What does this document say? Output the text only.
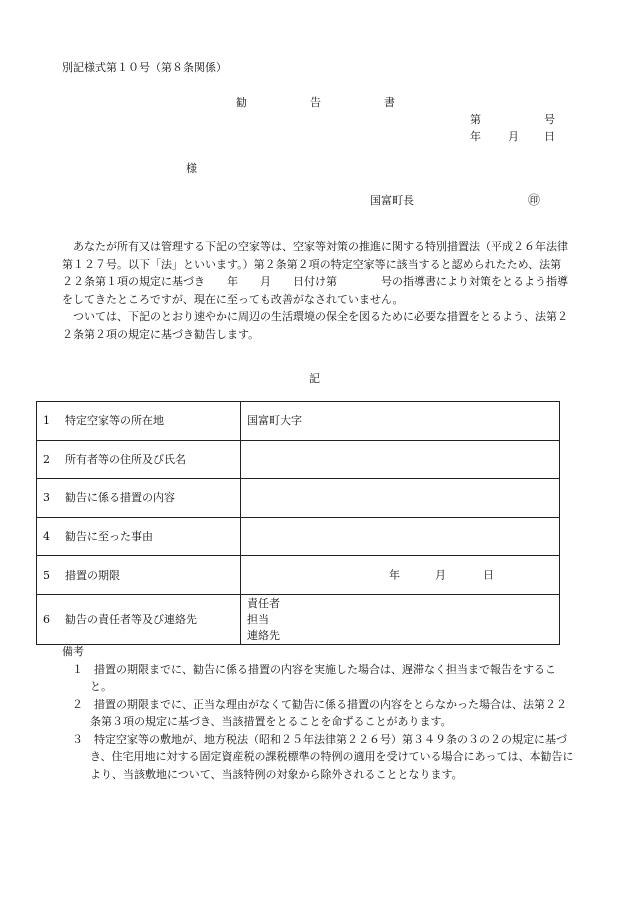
別記様式第１０号（第８条関係）
勧	告	書
第	号
年 月 日
様
国富町長	㊞

あなたが所有又は管理する下記の空家等は、空家等対策の推進に関する特別措置法（平成２６年法律第１２７号。以下「法」といいます。）第２条第２項の特定空家等に該当すると認められたため、法第２２条第１項の規定に基づき　　年　　月　　日付け第　　　　号の指導書により対策をとるよう指導をしてきたところですが、現在に至っても改善がなされていません。

ついては、下記のとおり速やかに周辺の生活環境の保全を図るために必要な措置をとるよう、法第２２条第２項の規定に基づき勧告します。

記
1 特定空家等の所在地	国富町大字
2 所有者等の住所及び氏名	
3 勧告に係る措置の内容	
4 勧告に至った事由	
5 措置の期限	年 月 日

6 勧告の責任者等及び連絡先	責任者
担当
連絡先
備考

１　措置の期限までに、勧告に係る措置の内容を実施した場合は、遅滞なく担当まで報告をすること。

２　措置の期限までに、正当な理由がなくて勧告に係る措置の内容をとらなかった場合は、法第２２条第３項の規定に基づき、当該措置をとることを命ずることがあります。

３　特定空家等の敷地が、地方税法（昭和２５年法律第２２６号）第３４９条の３の２の規定に基づき、住宅用地に対する固定資産税の課税標準の特例の適用を受けている場合にあっては、本勧告により、当該敷地について、当該特例の対象から除外されることとなります。
